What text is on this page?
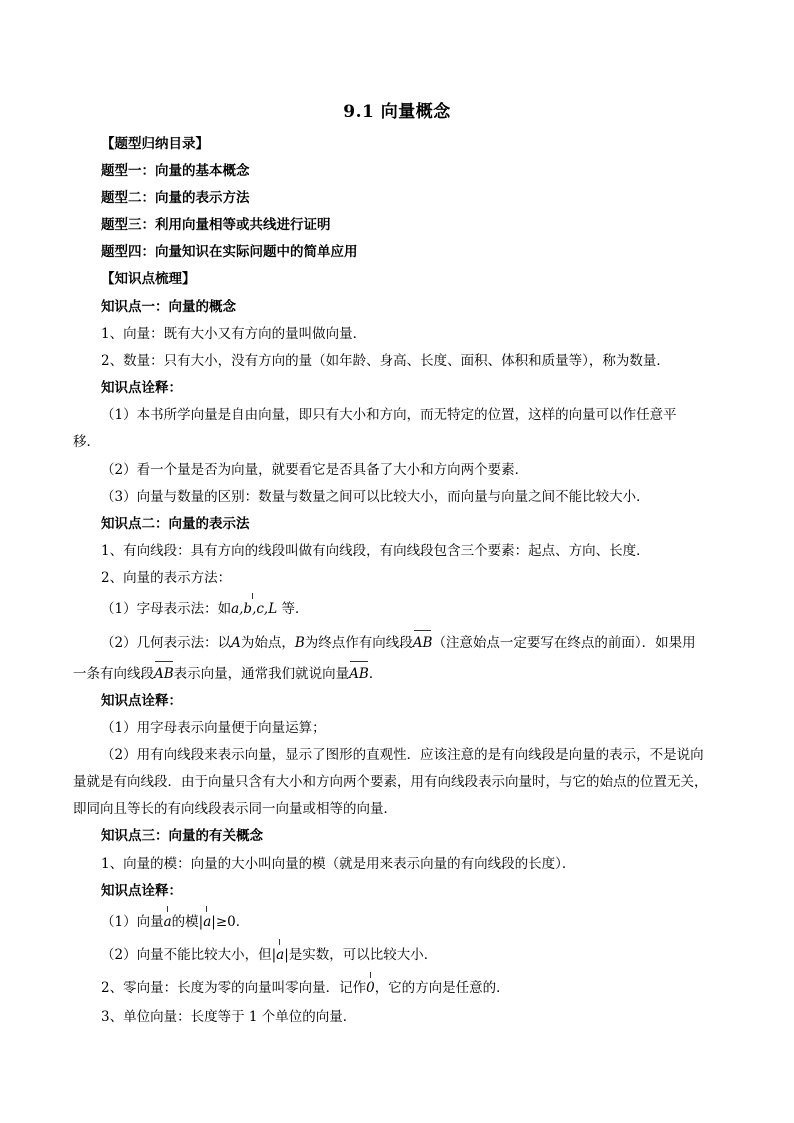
9.1 向量概念
【题型归纳目录】
题型一：向量的基本概念
题型二：向量的表示方法
题型三：利用向量相等或共线进行证明
题型四：向量知识在实际问题中的简单应用
【知识点梳理】
知识点一：向量的概念
1、向量：既有大小又有方向的量叫做向量．
2、数量：只有大小，没有方向的量（如年龄、身高、长度、面积、体积和质量等），称为数量．
知识点诠释：
（1）本书所学向量是自由向量，即只有大小和方向，而无特定的位置，这样的向量可以作任意平
移．
（2）看一个量是否为向量，就要看它是否具备了大小和方向两个要素．
（3）向量与数量的区别：数量与数量之间可以比较大小，而向量与向量之间不能比较大小．
知识点二：向量的表示法
1、有向线段：具有方向的线段叫做有向线段，有向线段包含三个要素：起点、方向、长度．
2、向量的表示方法：
（1）字母表示法：如a,b,c,L 等．
（2）几何表示法：以A为始点，B为终点作有向线段AB（注意始点一定要写在终点的前面）．如果用
一条有向线段AB表示向量，通常我们就说向量AB．
知识点诠释：
（1）用字母表示向量便于向量运算；
（2）用有向线段来表示向量，显示了图形的直观性．应该注意的是有向线段是向量的表示，不是说向
量就是有向线段．由于向量只含有大小和方向两个要素，用有向线段表示向量时，与它的始点的位置无关，
即同向且等长的有向线段表示同一向量或相等的向量．
知识点三：向量的有关概念
1、向量的模：向量的大小叫向量的模（就是用来表示向量的有向线段的长度）．
知识点诠释：
（1）向量a的模|a|≥0．
（2）向量不能比较大小，但|a|是实数，可以比较大小．
2、零向量：长度为零的向量叫零向量．记作0，它的方向是任意的．
3、单位向量：长度等于 1 个单位的向量．
